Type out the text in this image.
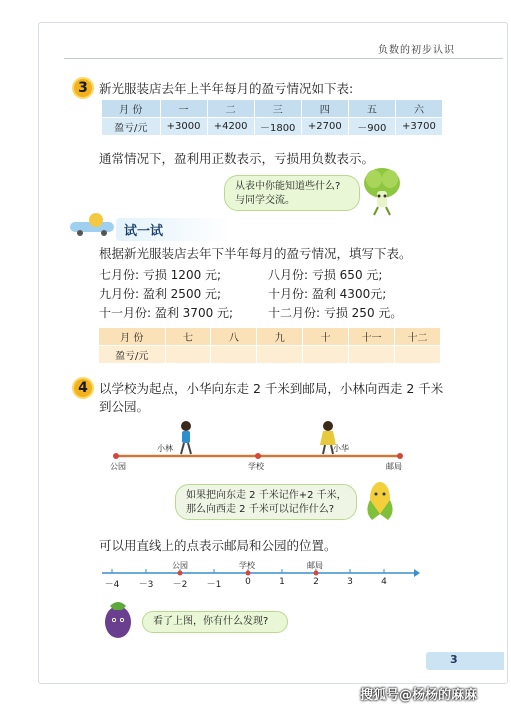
负数的初步认识
3 新光服装店去年上半年每月的盈亏情况如下表:
月 份	一	二	三	四	五	六
盈亏/元	+3000	+4200	－1800	+2700	－900	+3700
通常情况下，盈利用正数表示，亏损用负数表示。
从表中你能知道些什么?
与同学交流。
试一试
根据新光服装店去年下半年每月的盈亏情况，填写下表。
七月份: 亏损 1200 元;
九月份: 盈利 2500 元;
十一月份: 盈利 3700 元;
八月份: 亏损 650 元;
十月份: 盈利 4300元;
十二月份: 亏损 250 元。
月 份	七	八	九	十	十一	十二
盈亏/元						
4 以学校为起点，小华向东走 2 千米到邮局，小林向西走 2 千米
到公园。
小林	小华
公园	学校	邮局
如果把向东走 2 千米记作+2 千米，
那么向西走 2 千米可以记作什么?
可以用直线上的点表示邮局和公园的位置。
公园	学校	邮局
－4 －3 －2 －1	0	1	2	3	4
看了上图，你有什么发现?
3
搜狐号@杨杨的麻麻
